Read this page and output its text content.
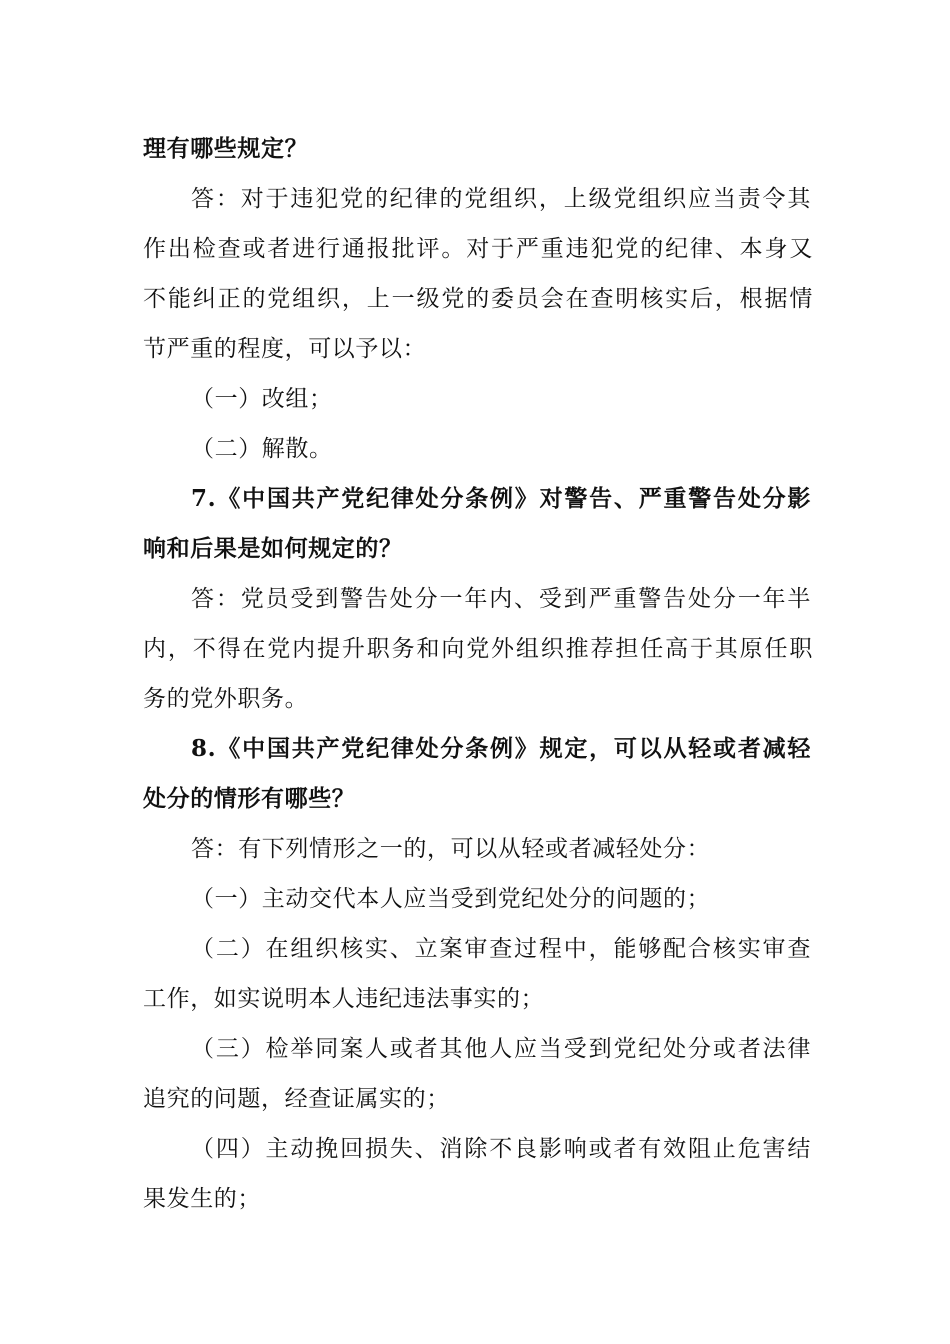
理有哪些规定？
答：对于违犯党的纪律的党组织，上级党组织应当责令其
作出检查或者进行通报批评。对于严重违犯党的纪律、本身又
不能纠正的党组织，上一级党的委员会在查明核实后，根据情
节严重的程度，可以予以：
（一）改组；
（二）解散。
7.《中国共产党纪律处分条例》对警告、严重警告处分影
响和后果是如何规定的？
答：党员受到警告处分一年内、受到严重警告处分一年半
内，不得在党内提升职务和向党外组织推荐担任高于其原任职
务的党外职务。
8.《中国共产党纪律处分条例》规定，可以从轻或者减轻
处分的情形有哪些？
答：有下列情形之一的，可以从轻或者减轻处分：
（一）主动交代本人应当受到党纪处分的问题的；
（二）在组织核实、立案审查过程中，能够配合核实审查
工作，如实说明本人违纪违法事实的；
（三）检举同案人或者其他人应当受到党纪处分或者法律
追究的问题，经查证属实的；
（四）主动挽回损失、消除不良影响或者有效阻止危害结
果发生的；
